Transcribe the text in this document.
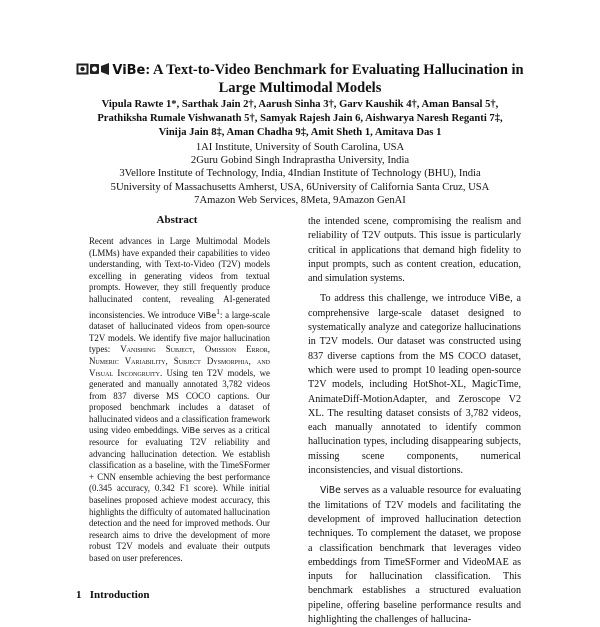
ViBe: A Text-to-Video Benchmark for Evaluating Hallucination in
Large Multimodal Models
Vipula Rawte 1*, Sarthak Jain 2†, Aarush Sinha 3†, Garv Kaushik 4†, Aman Bansal 5†,
Prathiksha Rumale Vishwanath 5†, Samyak Rajesh Jain 6, Aishwarya Naresh Reganti 7‡,
Vinija Jain 8‡, Aman Chadha 9‡, Amit Sheth 1, Amitava Das 1
1AI Institute, University of South Carolina, USA
2Guru Gobind Singh Indraprastha University, India
3Vellore Institute of Technology, India, 4Indian Institute of Technology (BHU), India
5University of Massachusetts Amherst, USA, 6University of California Santa Cruz, USA
7Amazon Web Services, 8Meta, 9Amazon GenAI
Abstract
Recent advances in Large Multimodal Models (LMMs) have expanded their capabilities to video understanding, with Text-to-Video (T2V) models excelling in generating videos from textual prompts. However, they still frequently produce hallucinated content, revealing AI-generated inconsistencies. We introduce ViBe$^1$: a large-scale dataset of hallucinated videos from open-source T2V models. We identify five major hallucination types: Vanishing Subject, Omission Error, Numeric Variability, Subject Dysmorphia, and Visual Incongruity. Using ten T2V models, we generated and manually annotated 3,782 videos from 837 diverse MS COCO captions. Our proposed benchmark includes a dataset of hallucinated videos and a classification framework using video embeddings. ViBe serves as a critical resource for evaluating T2V reliability and advancing hallucination detection. We establish classification as a baseline, with the TimeSFormer + CNN ensemble achieving the best performance (0.345 accuracy, 0.342 F1 score). While initial baselines proposed achieve modest accuracy, this highlights the difficulty of automated hallucination detection and the need for improved methods. Our research aims to drive the development of more robust T2V models and evaluate their outputs based on user preferences.

the intended scene, compromising the realism and reliability of T2V outputs. This issue is particularly critical in applications that demand high fidelity to input prompts, such as content creation, education, and simulation systems.

To address this challenge, we introduce ViBe, a comprehensive large-scale dataset designed to systematically analyze and categorize hallucinations in T2V models. Our dataset was constructed using 837 diverse captions from the MS COCO dataset, which were used to prompt 10 leading open-source T2V models, including HotShot-XL, MagicTime, AnimateDiff-MotionAdapter, and Zeroscope V2 XL. The resulting dataset consists of 3,782 videos, each manually annotated to identify common hallucination types, including disappearing subjects, missing scene components, numerical inconsistencies, and visual distortions.

ViBe serves as a valuable resource for evaluating the limitations of T2V models and facilitating the development of improved hallucination detection techniques. To complement the dataset, we propose a classification benchmark that leverages video embeddings from TimeSFormer and VideoMAE as inputs for hallucination classification. This benchmark establishes a structured evaluation pipeline, offering baseline performance results and highlighting the challenges of hallucina-

1 Introduction
